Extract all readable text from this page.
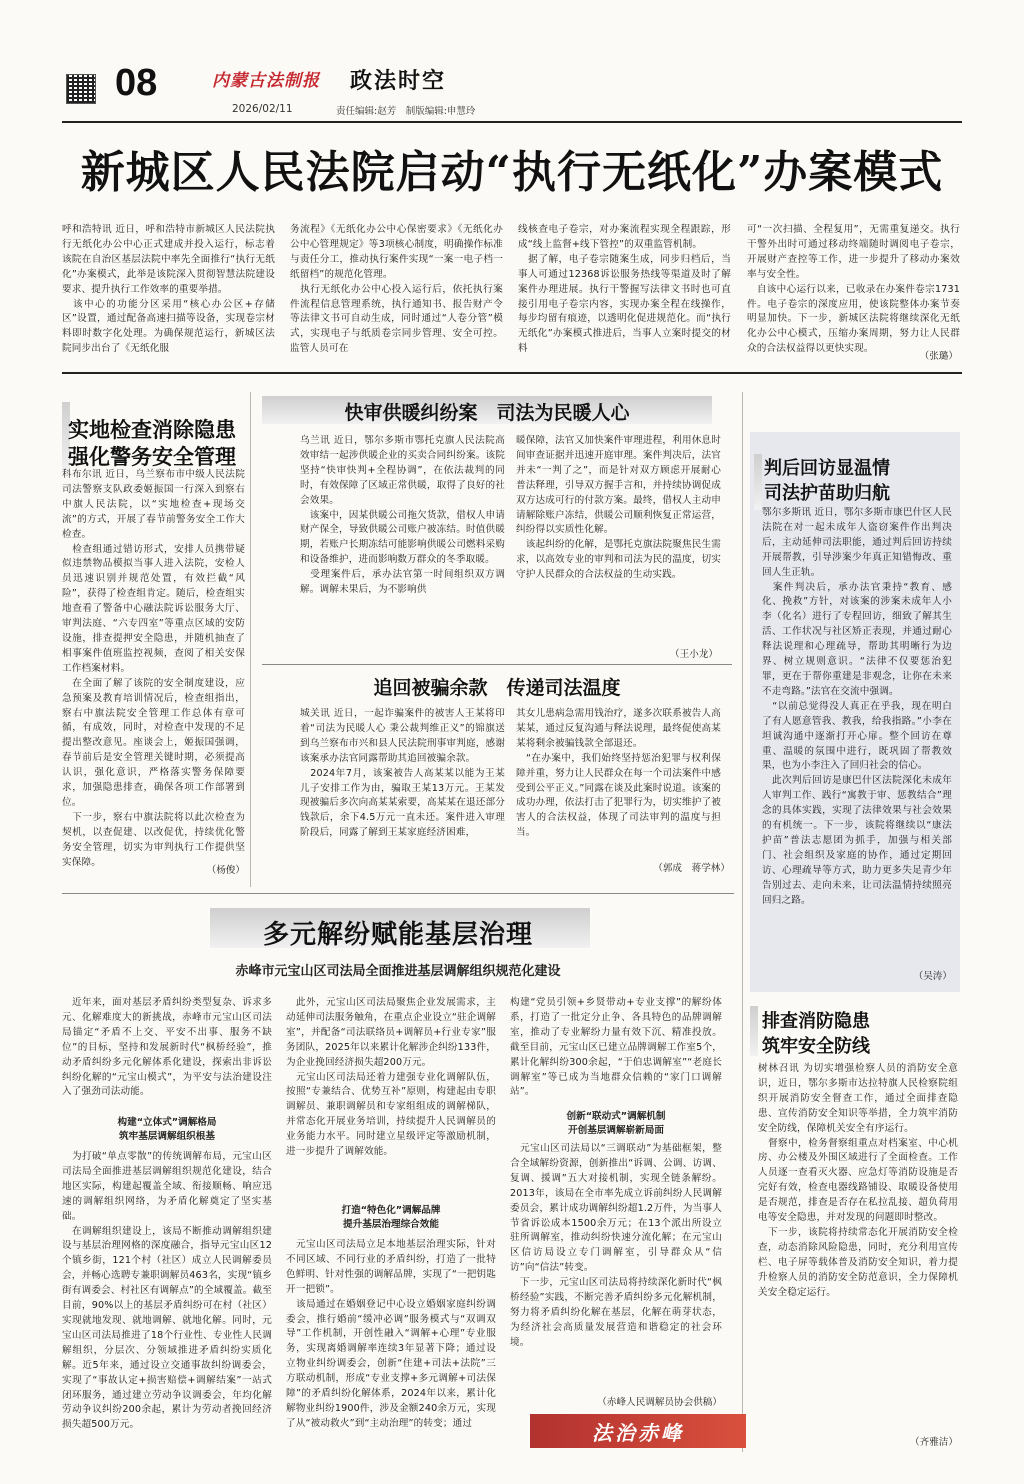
08	内蒙古法制报
2026/02/11
政法时空
责任编辑:赵芳　制版编辑:申慧玲
新城区人民法院启动“执行无纸化”办案模式
呼和浩特讯 近日，呼和浩特市新城区人民法院执行无纸化办公中心正式建成并投入运行，标志着该院在自治区基层法院中率先全面推行“执行无纸化”办案模式，此举是该院深入贯彻智慧法院建设要求、提升执行工作效率的重要举措。
　该中心的功能分区采用“核心办公区+存储区”设置，通过配备高速扫描等设备，实现卷宗材料即时数字化处理。为确保规范运行，新城区法院同步出台了《无纸化服
务流程》《无纸化办公中心保密要求》《无纸化办公中心管理规定》等3项核心制度，明确操作标准与责任分工，推动执行案件实现“一案一电子档一纸留档”的规范化管理。
　执行无纸化办公中心投入运行后，依托执行案件流程信息管理系统，执行通知书、报告财产令等法律文书可自动生成，同时通过“人卷分管”模式，实现电子与纸质卷宗同步管理、安全可控。监管人员可在
线核查电子卷宗，对办案流程实现全程跟踪，形成“线上监督+线下管控”的双重监管机制。
　据了解，电子卷宗随案生成，同步归档后，当事人可通过12368诉讼服务热线等渠道及时了解案件办理进展。执行干警握写法律文书时也可直接引用电子卷宗内容，实现办案全程在线操作，每步均留有痕迹，以透明化促进规范化。而“执行无纸化”办案模式推进后，当事人立案时提交的材料
可“一次扫描、全程复用”，无需重复递交。执行干警外出时可通过移动终端随时调阅电子卷宗，开展财产查控等工作，进一步提升了移动办案效率与安全性。
　自该中心运行以来，已收录在办案件卷宗1731件。电子卷宗的深度应用，使该院整体办案节奏明显加快。下一步，新城区法院将继续深化无纸化办公中心模式，压缩办案周期，努力让人民群众的合法权益得以更快实现。
（张璐）
实地检查消除隐患
强化警务安全管理
科布尔讯 近日，乌兰察布市中级人民法院司法警察支队政委姬振国一行深入到察右中旗人民法院，以“实地检查+现场交流”的方式，开展了春节前警务安全工作大检查。
　检查组通过错访形式，安排人员携带疑似违禁物品模拟当事人进入法院，安检人员迅速识别并规范处置，有效拦截“风险”，获得了检查组肯定。随后，检查组实地查看了警备中心融法院诉讼服务大厅、审判法庭、“六专四室”等重点区域的安防设施，排查提押安全隐患，并随机抽查了相事案件值班监控视频，查阅了相关安保工作档案材料。
　在全面了解了该院的安全制度建设，应急预案及教育培训情况后，检查组指出，察右中旗法院安全管理工作总体有章可循，有成效，同时，对检查中发现的不足提出整改意见。座谈会上，姬振国强调，春节前后是安全管理关键时期，必须提高认识，强化意识，严格落实警务保障要求，加强隐患排查，确保各项工作部署到位。
　下一步，察右中旗法院将以此次检查为契机，以查促建、以改促优，持续优化警务安全管理，切实为审判执行工作提供坚实保障。
（杨俊）
快审供暖纠纷案　司法为民暖人心
乌兰讯 近日，鄂尔多斯市鄂托克旗人民法院高效审结一起涉供暖企业的买卖合同纠纷案。该院坚持“快审快判+全程协调”，在依法裁判的同时，有效保障了区域正常供暖，取得了良好的社会效果。
　该案中，因某供暖公司拖欠货款，借权人申请财产保全，导致供暖公司账户被冻结。时值供暖期，若账户长期冻结可能影响供暖公司燃料采购和设备维护，进而影响数万群众的冬季取暖。
　受理案件后，承办法官第一时间组织双方调解。调解未果后，为不影响供
暖保障，法官又加快案件审理进程，利用休息时间审查证据并迅速开庭审理。案件判决后，法官并未“一判了之”，而是针对双方顾虑开展耐心普法释理，引导双方握手言和，并持续协调促成双方达成可行的付款方案。最终，借权人主动申请解除账户冻结，供暖公司顺利恢复正常运营，纠纷得以实质性化解。
　该起纠纷的化解，是鄂托克旗法院聚焦民生需求，以高效专业的审判和司法为民的温度，切实守护人民群众的合法权益的生动实践。
（王小龙）
追回被骗余款　传递司法温度
城关讯 近日，一起诈骗案件的被害人王某将印着“司法为民暖人心 秉公裁判维正义”的锦旗送到乌兰察布市兴和县人民法院刑事审判庭，感谢该案承办法官同露帮助其追回被骗余款。
　2024年7月，该案被告人高某某以能为王某儿子安排工作为由，骗取王某13万元。王某发现被骗后多次向高某某索要，高某某在退还部分钱款后，余下4.5万元一直未还。案件进入审理阶段后，同露了解到王某家庭经济困难，
其女儿患病急需用钱治疗，遂多次联系被告人高某某，通过反复沟通与释法说理，最终促使高某某将剩余被骗钱款全部退还。
　“在办案中，我们始终坚持惩治犯罪与权利保障并重，努力让人民群众在每一个司法案件中感受到公平正义。”同露在谈及此案时说道。该案的成功办理，依法打击了犯罪行为，切实维护了被害人的合法权益，体现了司法审判的温度与担当。
（郭成　蒋学林）
判后回访显温情
司法护苗助归航
鄂尔多斯讯 近日，鄂尔多斯市康巴什区人民法院在对一起未成年人盗窃案件作出判决后，主动延伸司法职能，通过判后回访持续开展帮教，引导涉案少年真正知错悔改、重回人生正轨。
　案件判决后，承办法官秉持“教育、感化、挽救”方针，对该案的涉案未成年人小李（化名）进行了专程回访，细致了解其生活、工作状况与社区矫正表现，并通过耐心释法说理和心理疏导，帮助其明晰行为边界、树立规则意识。“法律不仅要惩治犯罪，更在于帮你重建是非观念，让你在未来不走弯路。”法官在交流中强调。
　“以前总觉得没人真正在乎我，现在明白了有人愿意管我、教我，给我指路。”小李在坦诚沟通中逐渐打开心扉。整个回访在尊重、温暖的氛围中进行，既巩固了帮教效果，也为小李注入了回归社会的信心。
　此次判后回访是康巴什区法院深化未成年人审判工作、践行“寓教于审、惩教结合”理念的具体实践，实现了法律效果与社会效果的有机统一。下一步，该院将继续以“康法护苗”普法志愿团为抓手，加强与相关部门、社会组织及家庭的协作，通过定期回访、心理疏导等方式，助力更多失足青少年告别过去、走向未来，让司法温情持续照亮回归之路。
（吴涛）
排查消防隐患
筑牢安全防线
树林召讯 为切实增强检察人员的消防安全意识，近日，鄂尔多斯市达拉特旗人民检察院组织开展消防安全督查工作，通过全面排查隐患、宣传消防安全知识等举措，全力筑牢消防安全防线，保障机关安全有序运行。
　督察中，检务督察组重点对档案室、中心机房、办公楼及外围区域进行了全面检查。工作人员逐一查看灭火器、应急灯等消防设施是否完好有效，检查电器线路铺设、取暖设备使用是否规范，排查是否存在私拉乱接、超负荷用电等安全隐患，并对发现的问题即时整改。
　下一步，该院将持续常态化开展消防安全检查，动态消除风险隐患，同时，充分利用宣传栏、电子屏等载体普及消防安全知识，着力提升检察人员的消防安全防范意识，全力保障机关安全稳定运行。
（齐雅洁）
多元解纷赋能基层治理
赤峰市元宝山区司法局全面推进基层调解组织规范化建设
　近年来，面对基层矛盾纠纷类型复杂、诉求多元、化解难度大的新挑战，赤峰市元宝山区司法局锚定“矛盾不上交、平安不出事、服务不缺位”的目标，坚持和发展新时代“枫桥经验”，推动矛盾纠纷多元化解体系化建设，探索出非诉讼纠纷化解的“元宝山模式”，为平安与法治建设注入了强劲司法动能。
构建“立体式”调解格局
筑牢基层调解组织根基
　为打破“单点零散”的传统调解布局，元宝山区司法局全面推进基层调解组织规范化建设，结合地区实际，构建起覆盖全域、衔接顺畅、响应迅速的调解组织网络，为矛盾化解奠定了坚实基础。
　在调解组织建设上，该局不断推动调解组织建设与基层治理网格的深度融合，指导元宝山区12个镇乡街，121个村（社区）成立人民调解委员会，并畅心选聘专兼职调解员463名，实现“镇乡街有调委会、村社区有调解点”的全域覆盖。截至目前，90%以上的基层矛盾纠纷可在村（社区）实现就地发现、就地调解、就地化解。同时，元宝山区司法局推进了18个行业性、专业性人民调解组织，分层次、分领域推进矛盾纠纷实质化解。近5年来，通过设立交通事故纠纷调委会，实现了“事故认定+损害赔偿+调解结案”一站式闭环服务，通过建立劳动争议调委会，年均化解劳动争议纠纷200余起，累计为劳动者挽回经济损失超500万元。
　此外，元宝山区司法局聚焦企业发展需求，主动延伸司法服务触角，在重点企业设立“驻企调解室”，并配备“司法联络员+调解员+行业专家”服务团队，2025年以来累计化解涉企纠纷133件，为企业挽回经济损失超200万元。
　元宝山区司法局还着力建强专业化调解队伍，按照“专兼结合、优势互补”原则，构建起由专职调解员、兼职调解员和专家组组成的调解梯队，并常态化开展业务培训，持续提升人民调解员的业务能力水平。同时建立星级评定等激励机制，进一步提升了调解效能。
打造“特色化”调解品牌
提升基层治理综合效能
　元宝山区司法局立足本地基层治理实际，针对不同区域、不同行业的矛盾纠纷，打造了一批特色鲜明、针对性强的调解品牌，实现了“一把钥匙开一把锁”。
　该局通过在婚姻登记中心设立婚姻家庭纠纷调委会，推行婚前“缓冲必调”服务模式与“双调双导”工作机制，开创性融入“调解+心理”专业服务，实现离婚调解率连续3年显著下降；通过设立物业纠纷调委会，创新“住建+司法+法院”三方联动机制，形成“专业支撑+多元调解+司法保障”的矛盾纠纷化解体系，2024年以来，累计化解物业纠纷1900件，涉及金额240余万元，实现了从“被动救火”到“主动治理”的转变；通过
构建“党员引领+乡贤带动+专业支撑”的解纷体系，打造了一批定分止争、各具特色的品牌调解室，推动了专业解纷力量有效下沉、精准投放。截至目前，元宝山区已建立品牌调解工作室5个，累计化解纠纷300余起，“于伯忠调解室”“老庭长调解室”等已成为当地群众信赖的“家门口调解站”。
创新“联动式”调解机制
开创基层调解崭新局面
　元宝山区司法局以“三调联动”为基础框架，整合全域解纷资源，创新推出“诉调、公调、访调、复调、援调”五大对接机制，实现全链条解纷。2013年，该局在全市率先成立诉前纠纷人民调解委员会，累计成功调解纠纷超1.2万件，为当事人节省诉讼成本1500余万元；在13个派出所设立驻所调解室，推动纠纷快速分流化解；在元宝山区信访局设立专门调解室，引导群众从“信访”向“信法”转变。
　下一步，元宝山区司法局将持续深化新时代“枫桥经验”实践，不断完善矛盾纠纷多元化解机制，努力将矛盾纠纷化解在基层，化解在萌芽状态，为经济社会高质量发展营造和谐稳定的社会环境。
（赤峰人民调解员协会供稿）
法治赤峰
